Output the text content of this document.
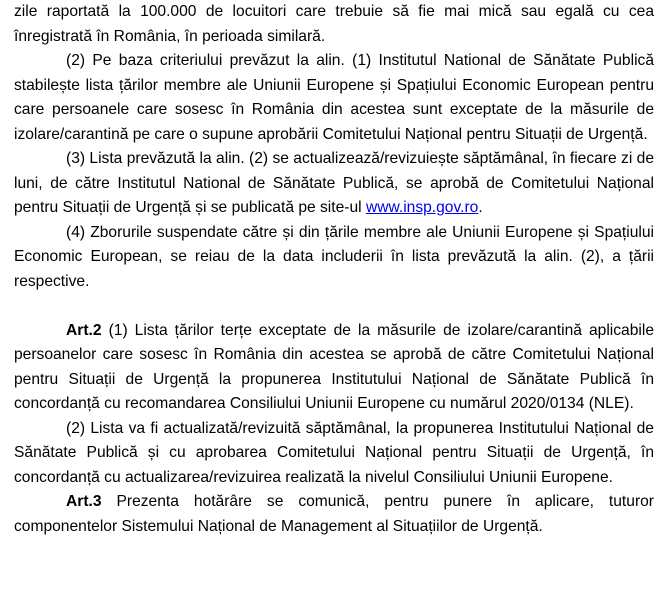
zile raportată la 100.000 de locuitori care trebuie să fie mai mică sau egală cu cea înregistrată în România, în perioada similară.

(2) Pe baza criteriului prevăzut la alin. (1) Institutul National de Sănătate Publică stabilește lista țărilor membre ale Uniunii Europene și Spațiului Economic European pentru care persoanele care sosesc în România din acestea sunt exceptate de la măsurile de izolare/carantină pe care o supune aprobării Comitetului Național pentru Situații de Urgență.

(3) Lista prevăzută la alin. (2) se actualizează/revizuiește săptămânal, în fiecare zi de luni, de către Institutul National de Sănătate Publică, se aprobă de Comitetului Național pentru Situații de Urgență și se publicată pe site-ul www.insp.gov.ro.

(4) Zborurile suspendate către și din țările membre ale Uniunii Europene și Spațiului Economic European, se reiau de la data includerii în lista prevăzută la alin. (2), a țării respective.

Art.2 (1) Lista țărilor terțe exceptate de la măsurile de izolare/carantină aplicabile persoanelor care sosesc în România din acestea se aprobă de către Comitetului Național pentru Situații de Urgență la propunerea Institutului Național de Sănătate Publică în concordanță cu recomandarea Consiliului Uniunii Europene cu numărul 2020/0134 (NLE).

(2) Lista va fi actualizată/revizuită săptămânal, la propunerea Institutului Național de Sănătate Publică și cu aprobarea Comitetului Național pentru Situații de Urgență, în concordanță cu actualizarea/revizuirea realizată la nivelul Consiliului Uniunii Europene.

Art.3 Prezenta hotărâre se comunică, pentru punere în aplicare, tuturor componentelor Sistemului Național de Management al Situațiilor de Urgență.
